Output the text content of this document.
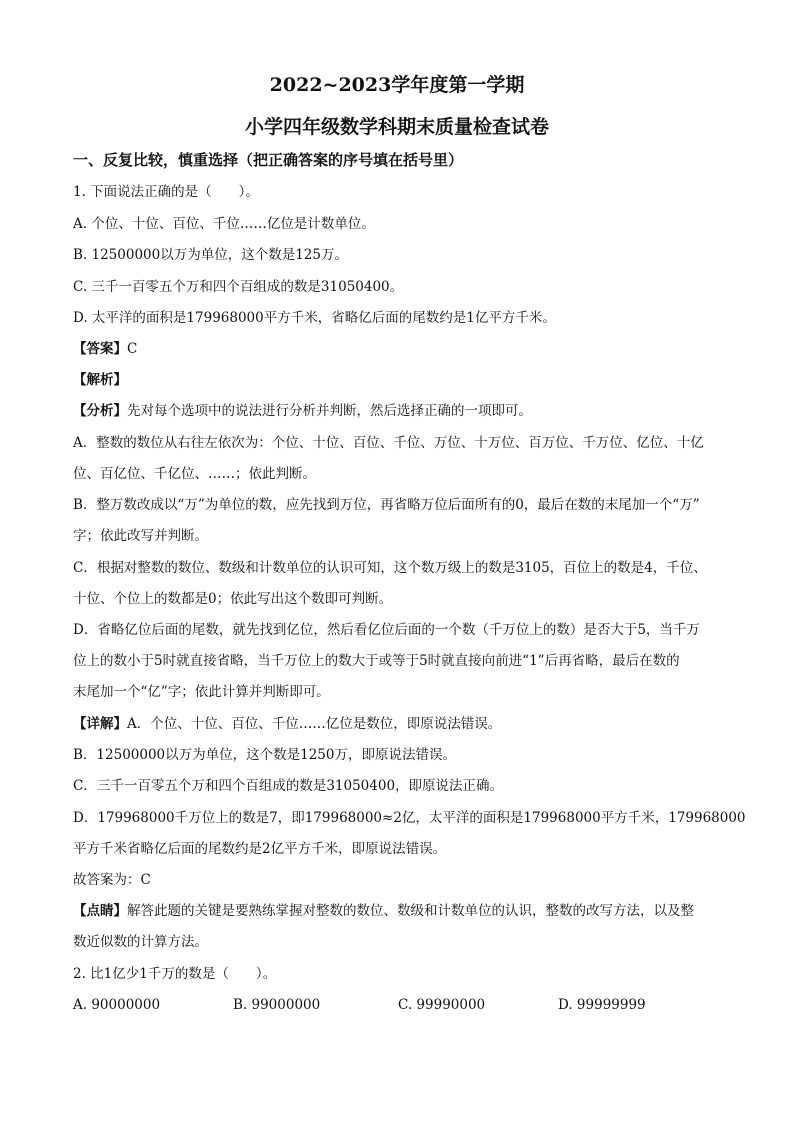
2022~2023学年度第一学期
小学四年级数学科期末质量检查试卷
一、反复比较，慎重选择（把正确答案的序号填在括号里）
1. 下面说法正确的是（　　）。
A. 个位、十位、百位、千位……亿位是计数单位。
B. 12500000以万为单位，这个数是125万。
C. 三千一百零五个万和四个百组成的数是31050400。
D. 太平洋的面积是179968000平方千米，省略亿后面的尾数约是1亿平方千米。
【答案】C
【解析】
【分析】先对每个选项中的说法进行分析并判断，然后选择正确的一项即可。
A．整数的数位从右往左依次为：个位、十位、百位、千位、万位、十万位、百万位、千万位、亿位、十亿
位、百亿位、千亿位、……；依此判断。
B．整万数改成以“万”为单位的数，应先找到万位，再省略万位后面所有的0，最后在数的末尾加一个“万”
字；依此改写并判断。
C．根据对整数的数位、数级和计数单位的认识可知，这个数万级上的数是3105，百位上的数是4，千位、
十位、个位上的数都是0；依此写出这个数即可判断。
D．省略亿位后面的尾数，就先找到亿位，然后看亿位后面的一个数（千万位上的数）是否大于5，当千万
位上的数小于5时就直接省略，当千万位上的数大于或等于5时就直接向前进“1”后再省略，最后在数的
末尾加一个“亿”字；依此计算并判断即可。
【详解】A．个位、十位、百位、千位……亿位是数位，即原说法错误。
B．12500000以万为单位，这个数是1250万，即原说法错误。
C．三千一百零五个万和四个百组成的数是31050400，即原说法正确。
D．179968000千万位上的数是7，即179968000≈2亿，太平洋的面积是179968000平方千米，179968000
平方千米省略亿后面的尾数约是2亿平方千米，即原说法错误。
故答案为：C
【点睛】解答此题的关键是要熟练掌握对整数的数位、数级和计数单位的认识，整数的改写方法，以及整
数近似数的计算方法。
2. 比1亿少1千万的数是（　　）。
A. 90000000	B. 99000000	C. 99990000	D. 99999999
